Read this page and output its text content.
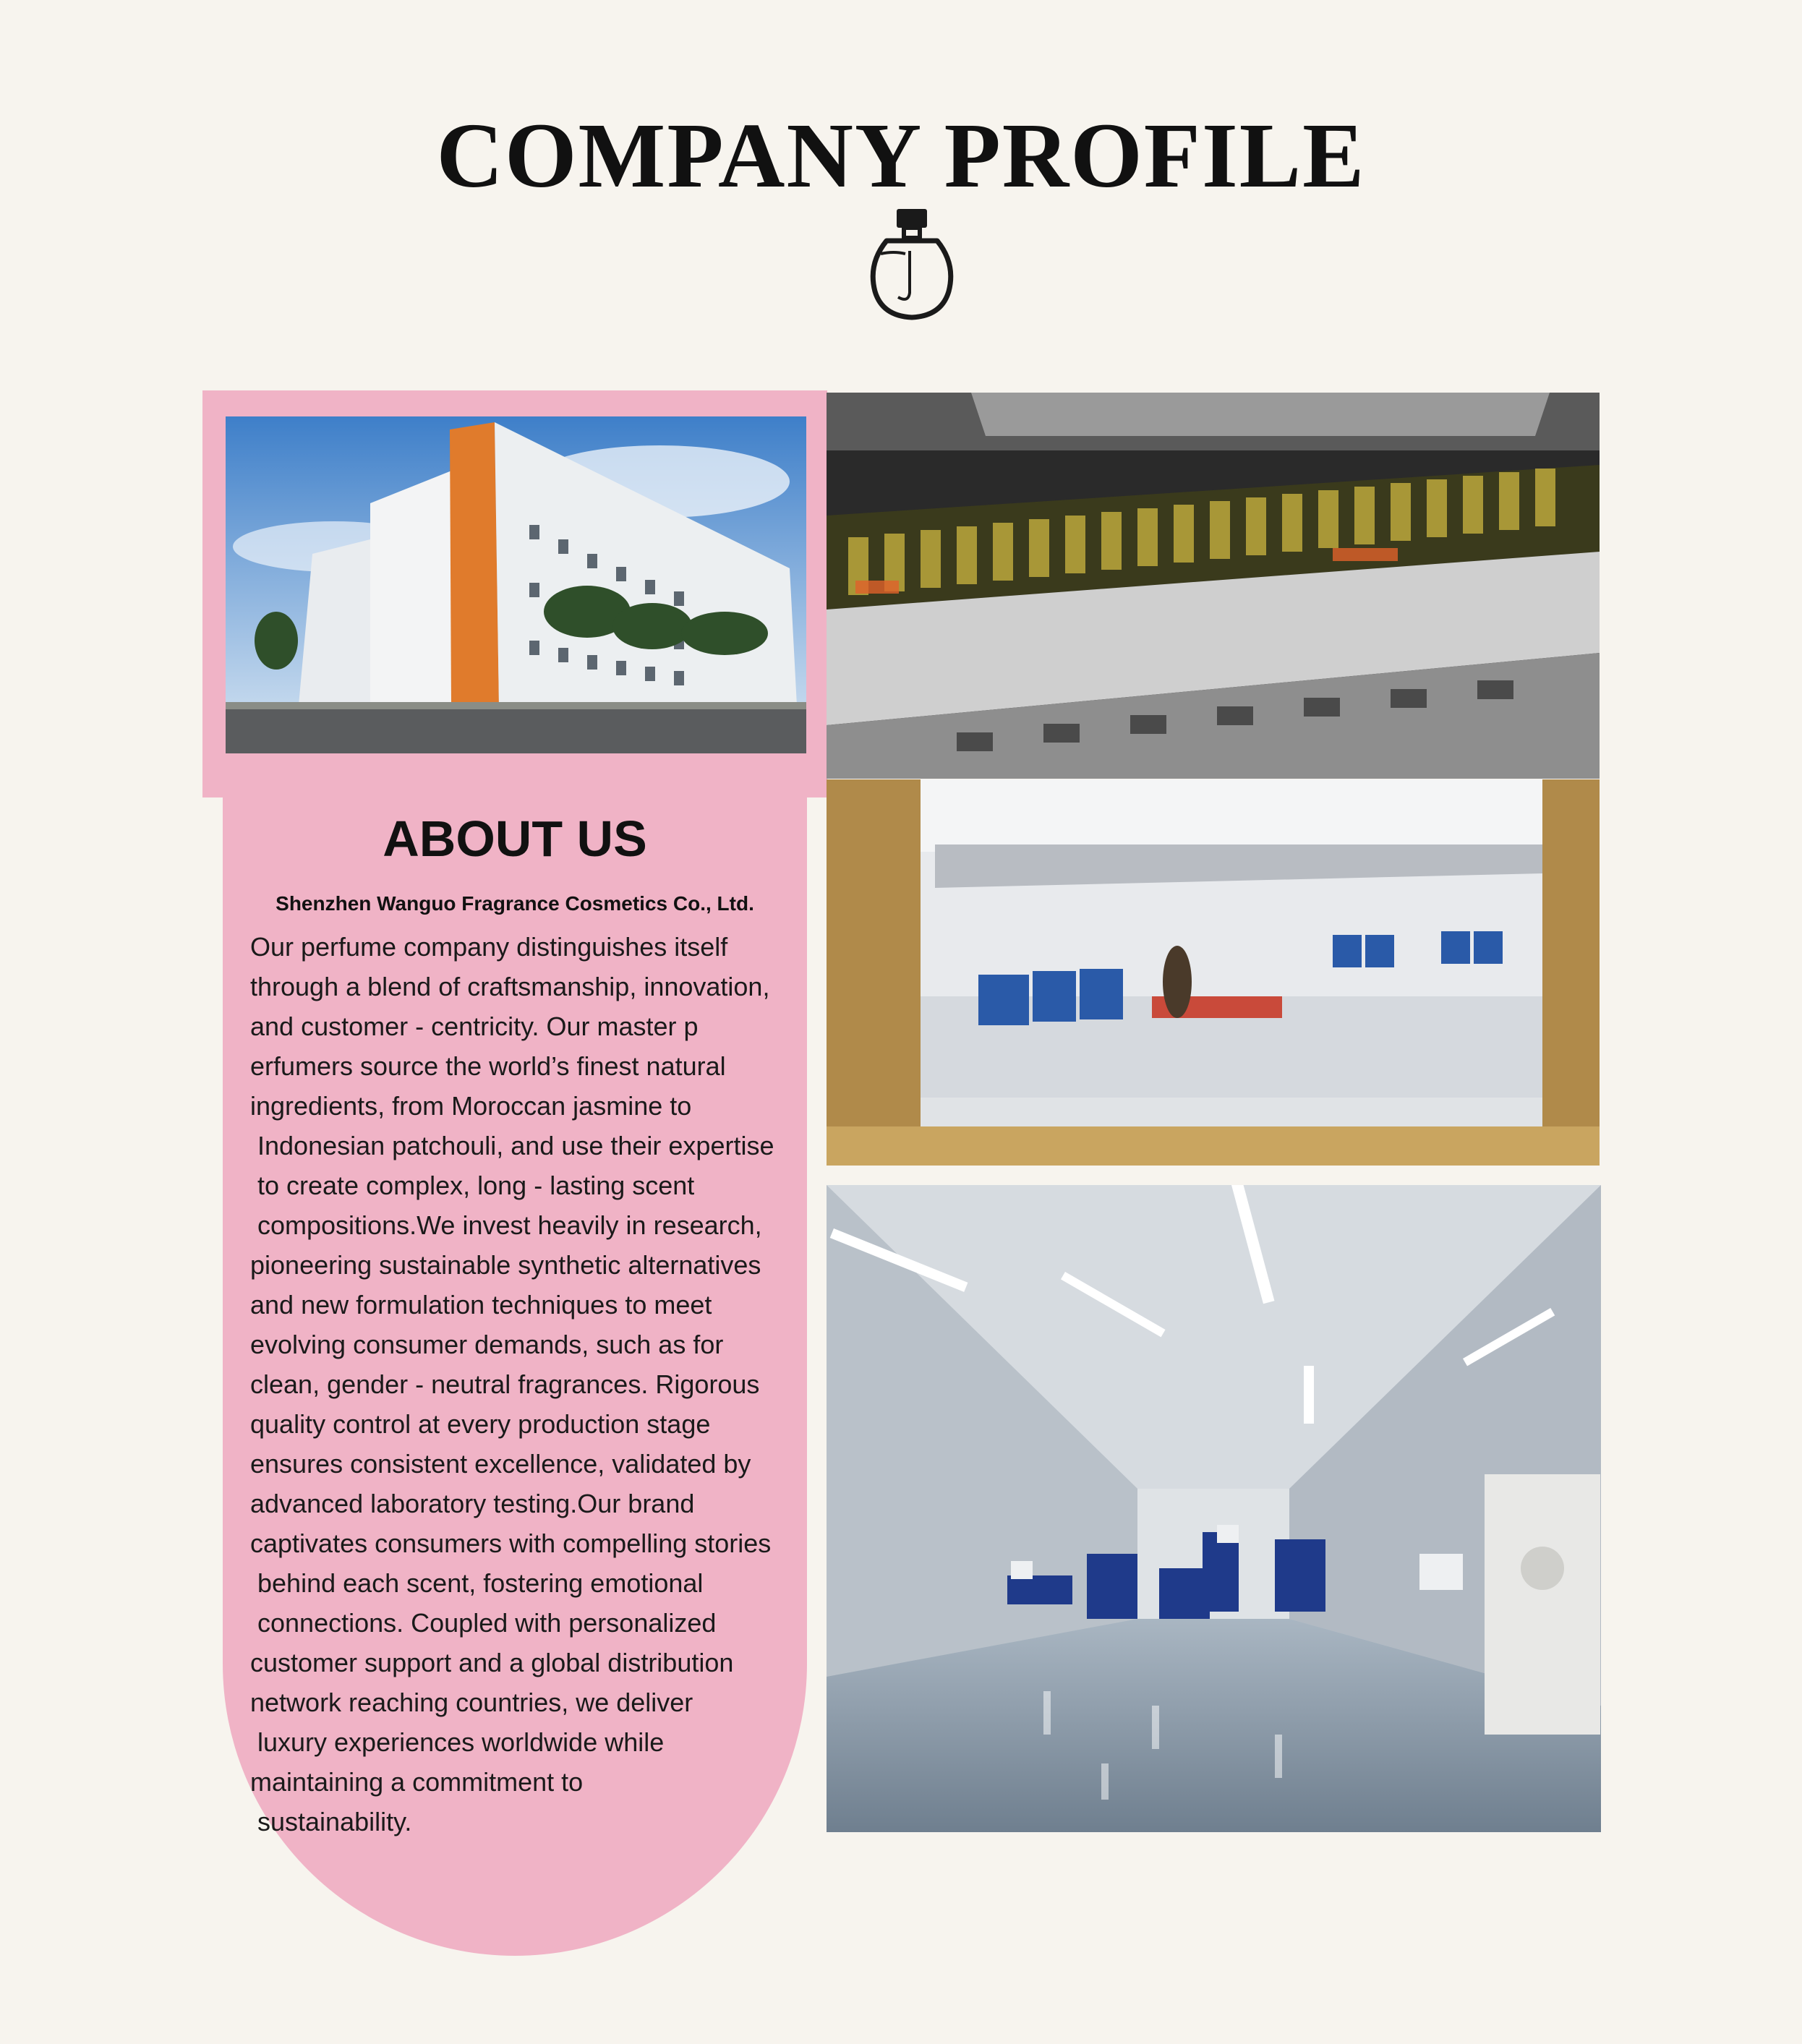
COMPANY PROFILE
ABOUT US
Shenzhen Wanguo Fragrance Cosmetics Co., Ltd.
Our perfume company distinguishes itself
through a blend of craftsmanship, innovation,
and customer - centricity. Our master p
erfumers source the world’s finest natural
ingredients, from Moroccan jasmine to
Indonesian patchouli, and use their expertise
to create complex, long - lasting scent
compositions.We invest heavily in research,
pioneering sustainable synthetic alternatives
and new formulation techniques to meet
evolving consumer demands, such as for
clean, gender - neutral fragrances. Rigorous
quality control at every production stage
ensures consistent excellence, validated by
advanced laboratory testing.Our brand
captivates consumers with compelling stories
behind each scent, fostering emotional
connections. Coupled with personalized
customer support and a global distribution
network reaching countries, we deliver
luxury experiences worldwide while
maintaining a commitment to
sustainability.
